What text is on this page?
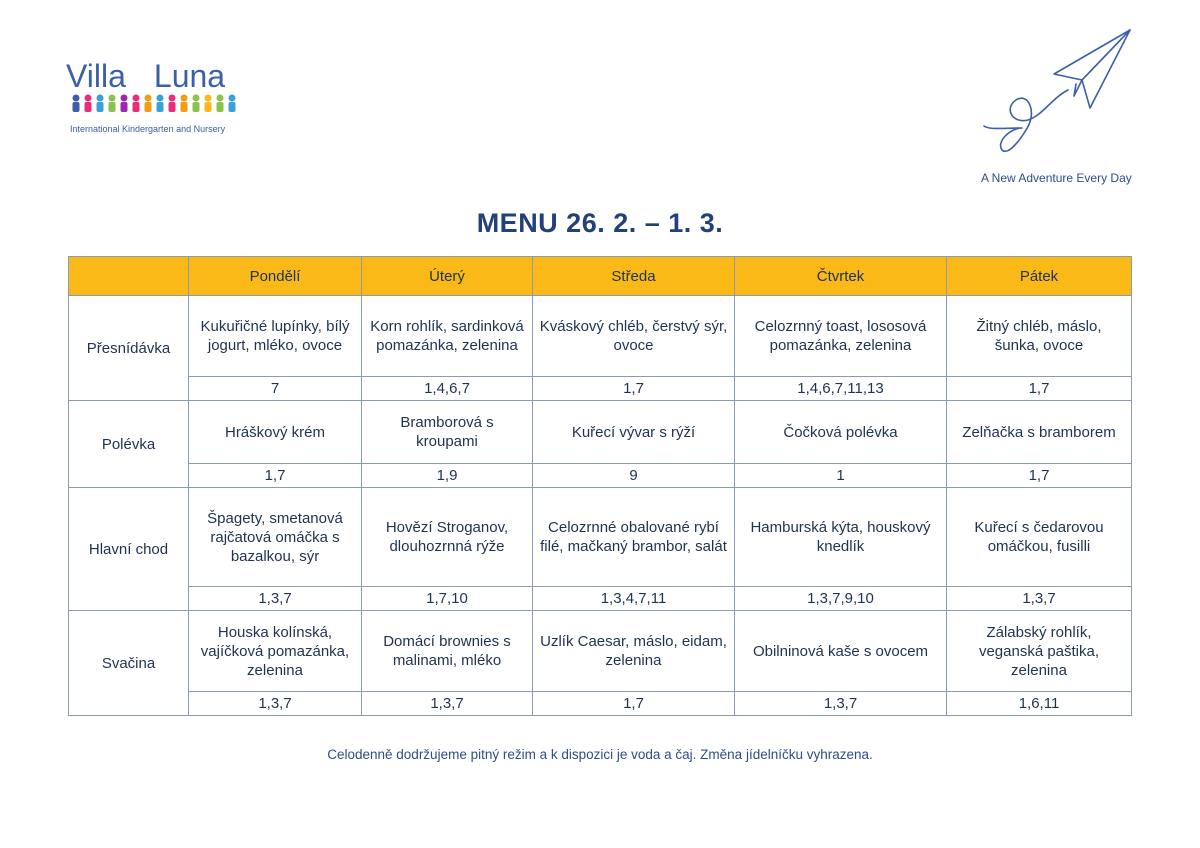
Villa Luna
International Kindergarten and Nursery
A New Adventure Every Day
MENU 26. 2. – 1. 3.
	Pondělí	Úterý	Středa	Čtvrtek	Pátek
Přesnídávka	Kukuřičné lupínky, bílý jogurt, mléko, ovoce	Korn rohlík, sardinková pomazánka, zelenina	Kváskový chléb, čerstvý sýr, ovoce	Celozrnný toast, lososová pomazánka, zelenina	Žitný chléb, máslo, šunka, ovoce
	7	1,4,6,7	1,7	1,4,6,7,11,13	1,7
Polévka	Hráškový krém	Bramborová s kroupami	Kuřecí vývar s rýží	Čočková polévka	Zelňačka s bramborem
	1,7	1,9	9	1	1,7
Hlavní chod	Špagety, smetanová rajčatová omáčka s bazalkou, sýr	Hovězí Stroganov, dlouhozrnná rýže	Celozrnné obalované rybí filé, mačkaný brambor, salát	Hamburská kýta, houskový knedlík	Kuřecí s čedarovou omáčkou, fusilli
	1,3,7	1,7,10	1,3,4,7,11	1,3,7,9,10	1,3,7
Svačina	Houska kolínská, vajíčková pomazánka, zelenina	Domácí brownies s malinami, mléko	Uzlík Caesar, máslo, eidam, zelenina	Obilninová kaše s ovocem	Zálabský rohlík, veganská paštika, zelenina
	1,3,7	1,3,7	1,7	1,3,7	1,6,11
Celodenně dodržujeme pitný režim a k dispozici je voda a čaj. Změna jídelníčku vyhrazena.
